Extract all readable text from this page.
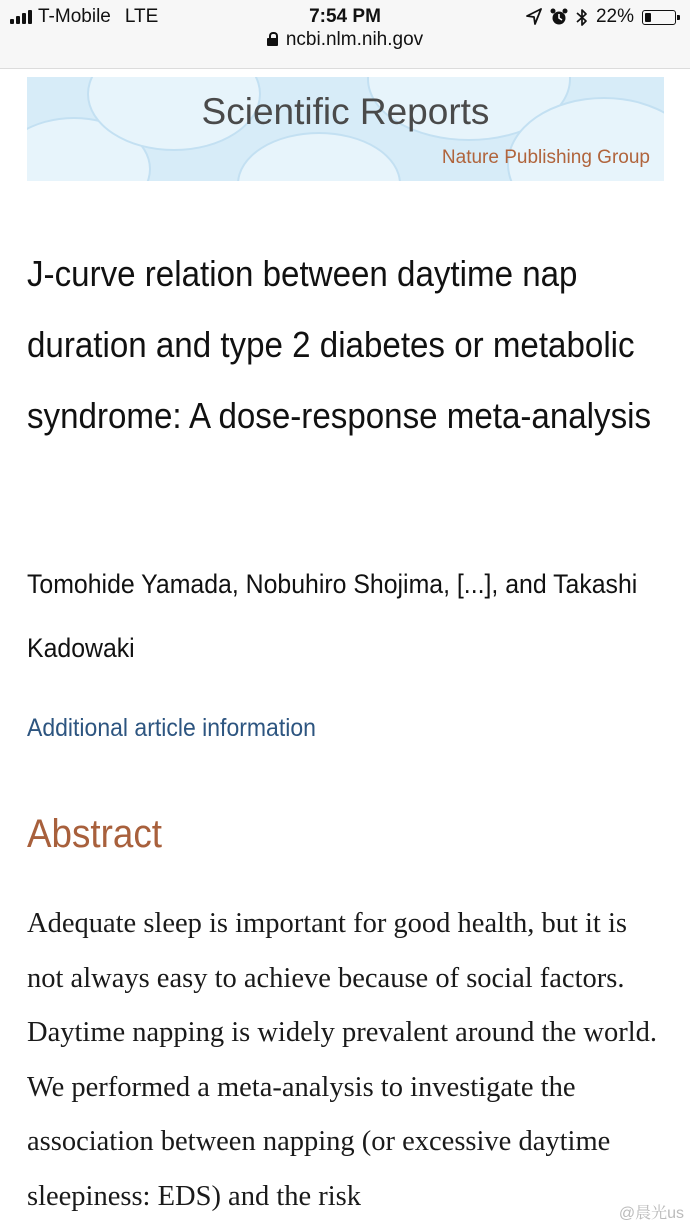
T-Mobile LTE	7:54 PM
ncbi.nlm.nih.gov
22%
Scientific Reports
Nature Publishing Group
J-curve relation between daytime nap duration and type 2 diabetes or metabolic syndrome: A dose-response meta-analysis
Tomohide Yamada, Nobuhiro Shojima, [...], and Takashi Kadowaki
Additional article information
Abstract

Adequate sleep is important for good health, but it is not always easy to achieve because of social factors. Daytime napping is widely prevalent around the world. We performed a meta-analysis to investigate the association between napping (or excessive daytime sleepiness: EDS) and the risk

@晨光us
